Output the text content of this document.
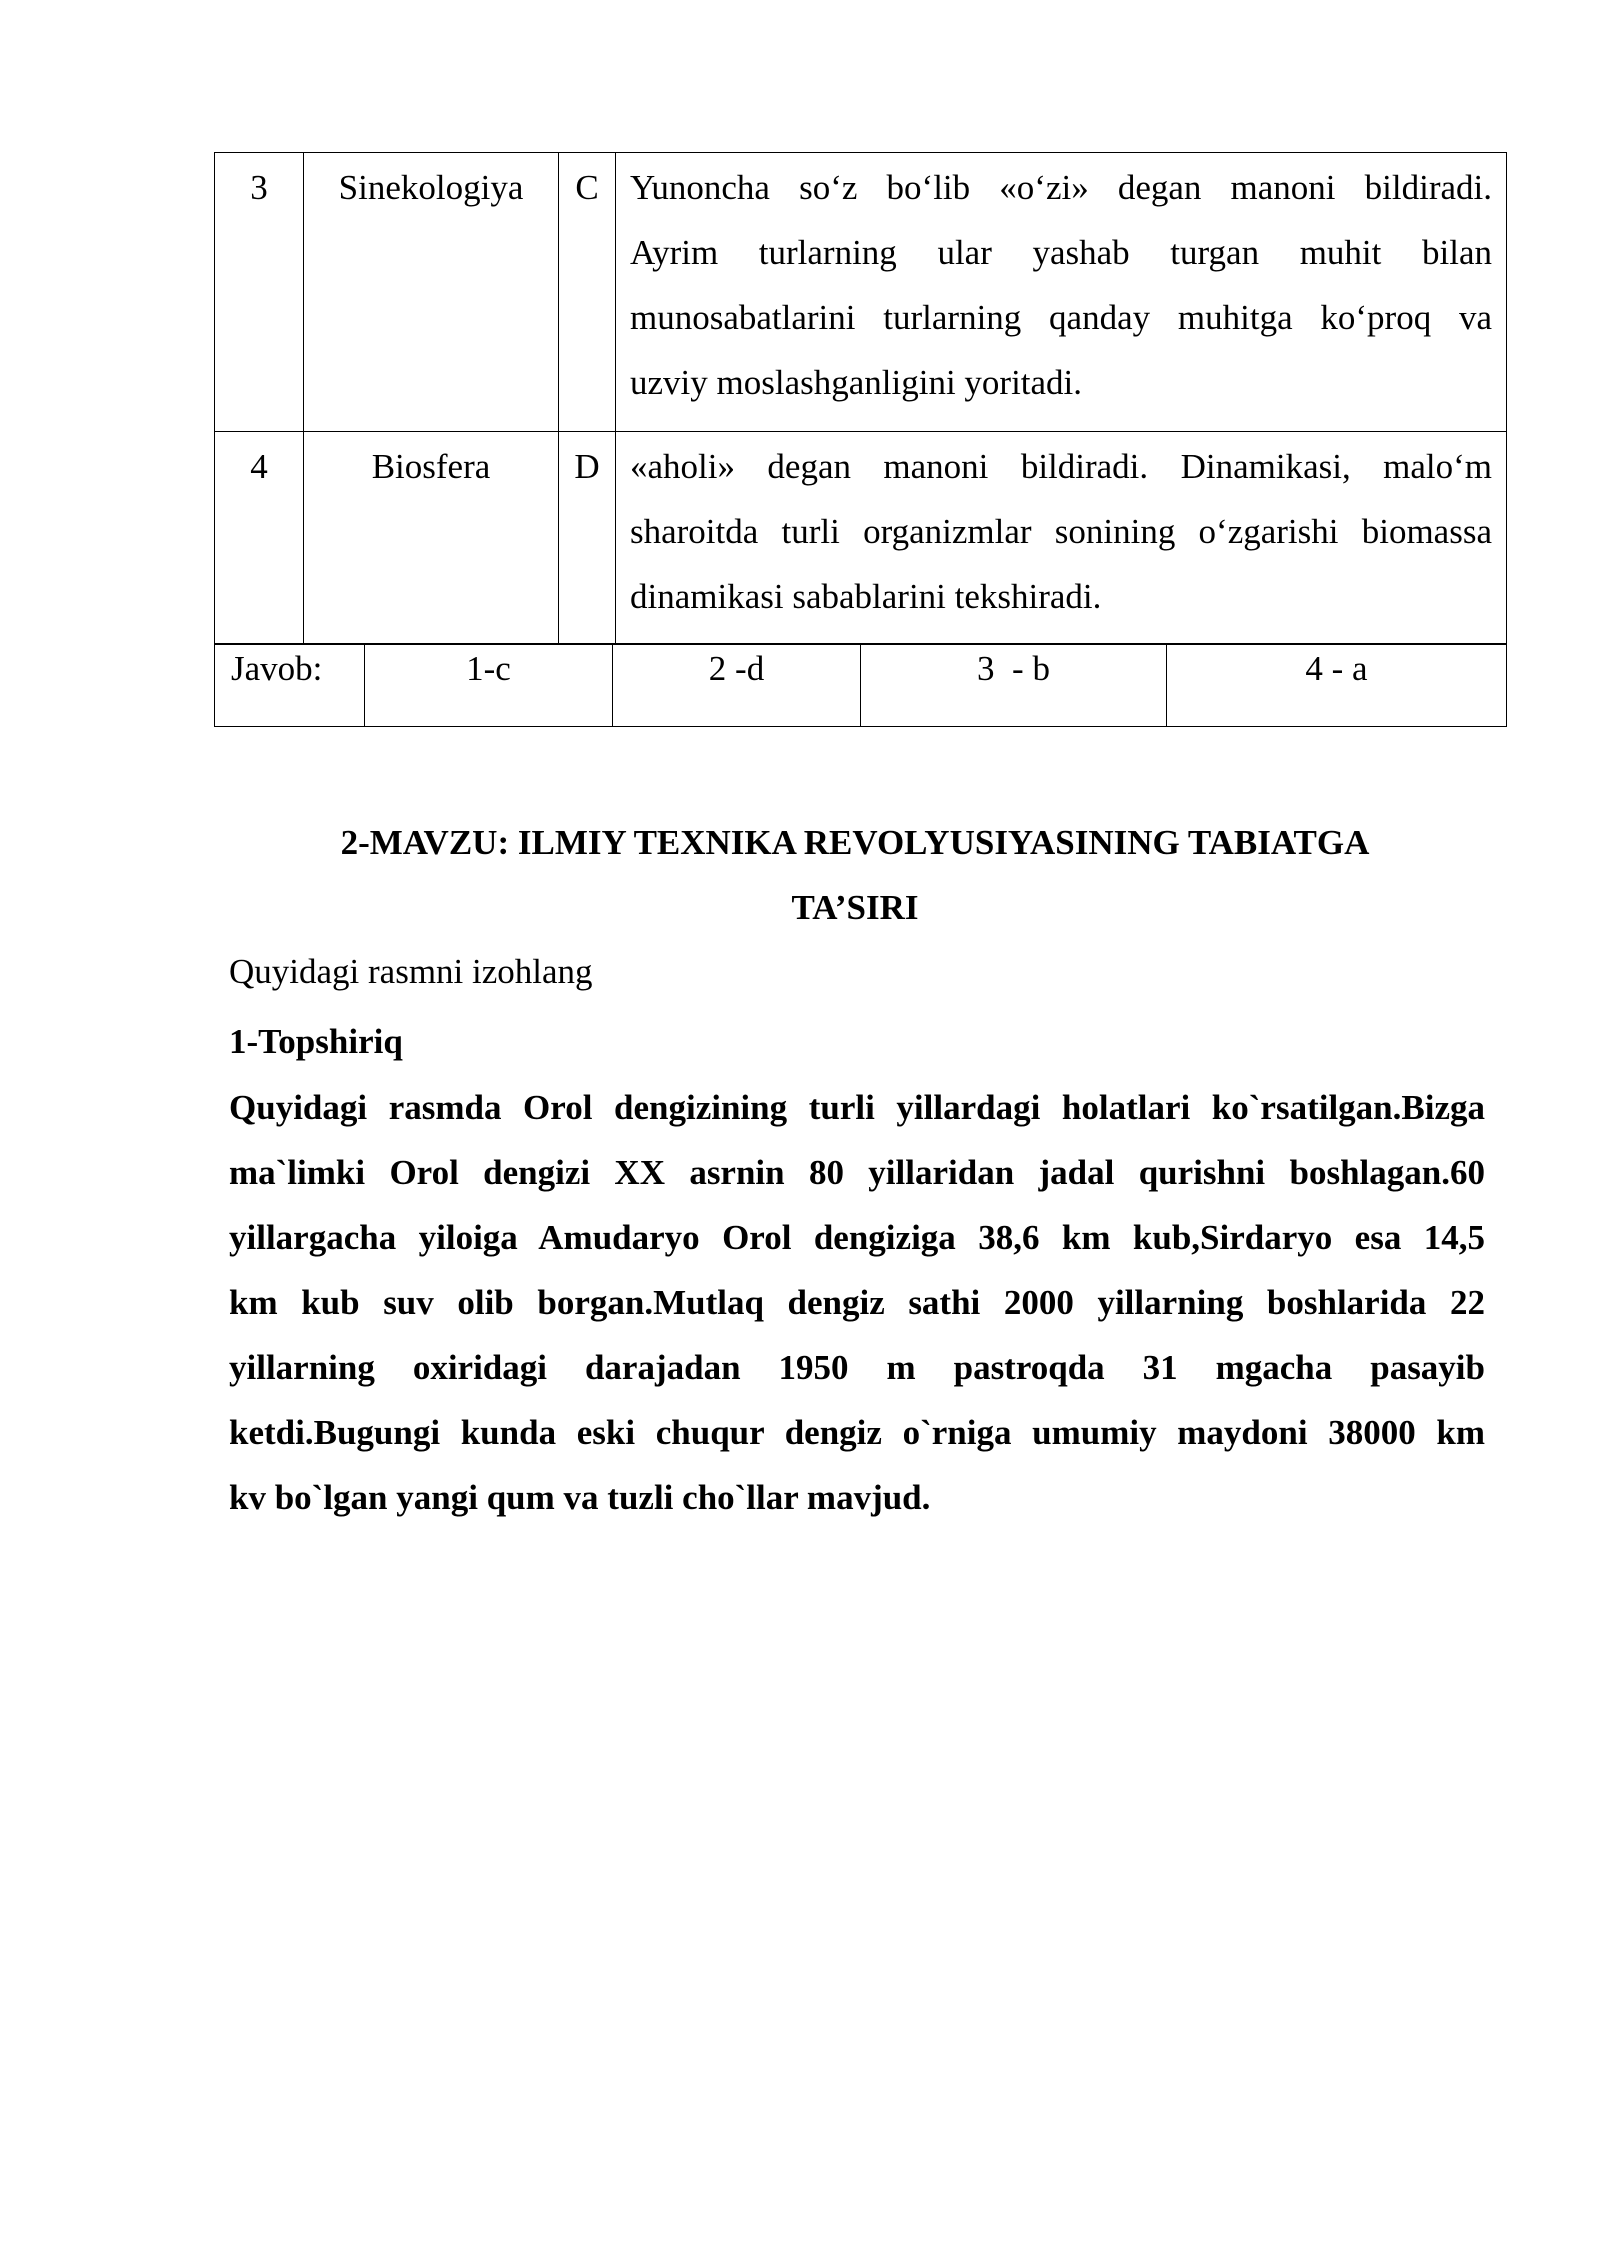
3	Sinekologiya	C	Yunoncha so‘z bo‘lib «o‘zi» degan manoni bildiradi.
Ayrim turlarning ular yashab turgan muhit bilan
munosabatlarini turlarning qanday muhitga ko‘proq va
uzviy moslashganligini yoritadi.

4	Biosfera	D	«aholi» degan manoni bildiradi. Dinamikasi, malo‘m
sharoitda turli organizmlar sonining o‘zgarishi biomassa
dinamikasi sabablarini tekshiradi.
Javob:	1-c	2 -d	3  - b	4 - a
2-MAVZU: ILMIY TEXNIKA REVOLYUSIYASINING TABIATGA
TA’SIRI
Quyidagi rasmni izohlang
1-Topshiriq
Quyidagi rasmda Orol dengizining turli yillardagi holatlari ko`rsatilgan.Bizga
ma`limki Orol dengizi XX asrnin 80 yillaridan jadal qurishni boshlagan.60
yillargacha yiloiga Amudaryo Orol dengiziga 38,6 km kub,Sirdaryo esa 14,5
km kub suv olib borgan.Mutlaq dengiz sathi 2000 yillarning boshlarida 22
yillarning oxiridagi darajadan 1950 m pastroqda 31 mgacha pasayib
ketdi.Bugungi kunda eski chuqur dengiz o`rniga umumiy maydoni 38000 km
kv bo`lgan yangi qum va tuzli cho`llar mavjud.
